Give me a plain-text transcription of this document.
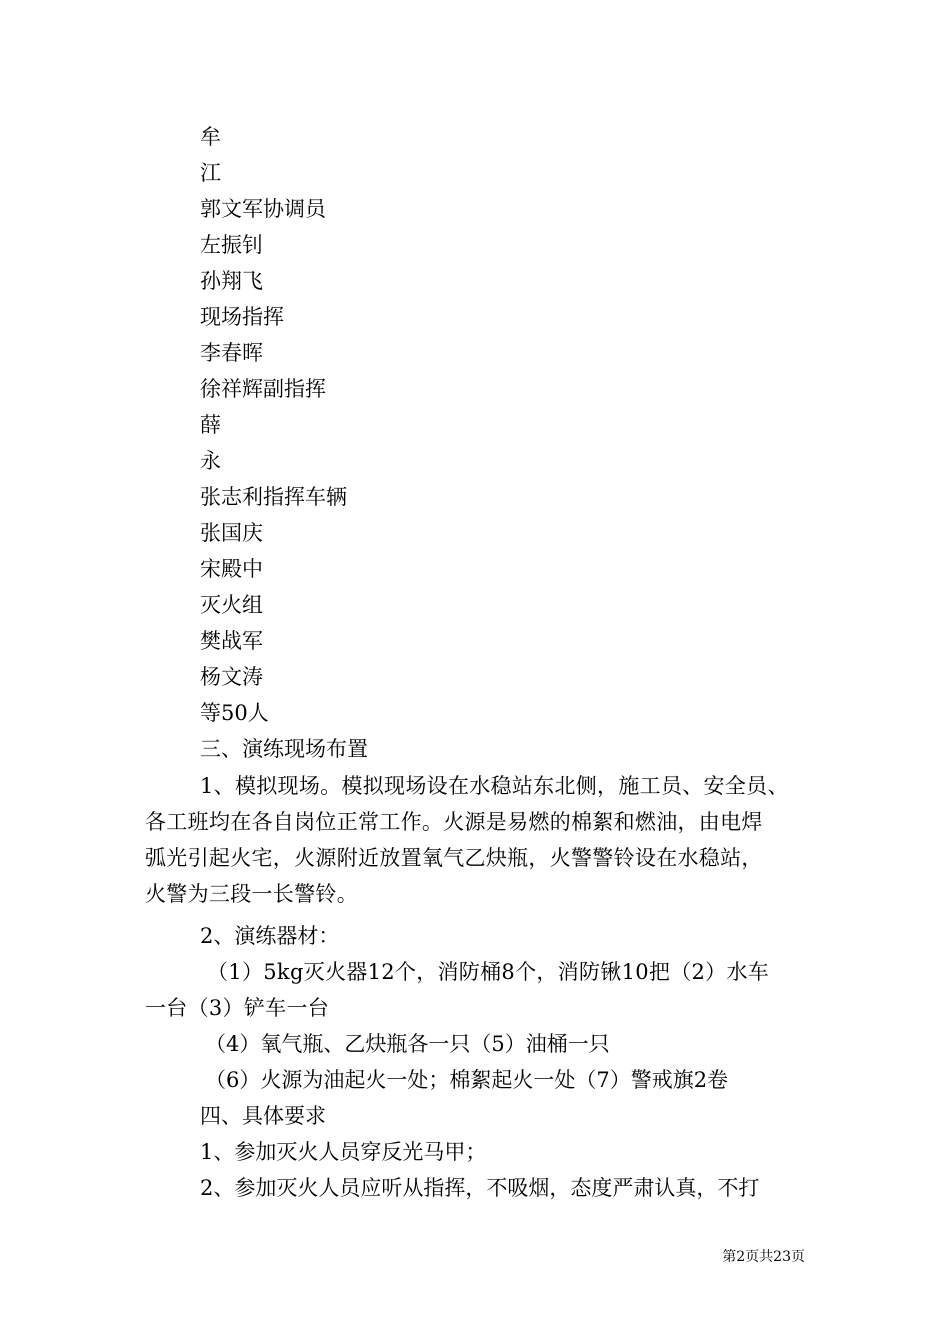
牟
江
郭文军协调员
左振钊
孙翔飞
现场指挥
李春晖
徐祥辉副指挥
薛
永
张志利指挥车辆
张国庆
宋殿中
灭火组
樊战军
杨文涛
等50人
三、演练现场布置
1、模拟现场。模拟现场设在水稳站东北侧，施工员、安全员、
各工班均在各自岗位正常工作。火源是易燃的棉絮和燃油，由电焊
弧光引起火宅，火源附近放置氧气乙炔瓶，火警警铃设在水稳站，
火警为三段一长警铃。
2、演练器材：
（1）5kg灭火器12个，消防桶8个，消防锹10把（2）水车
一台（3）铲车一台
（4）氧气瓶、乙炔瓶各一只（5）油桶一只
（6）火源为油起火一处；棉絮起火一处（7）警戒旗2卷
四、具体要求
1、参加灭火人员穿反光马甲；
2、参加灭火人员应听从指挥，不吸烟，态度严肃认真，不打
第2页共23页
